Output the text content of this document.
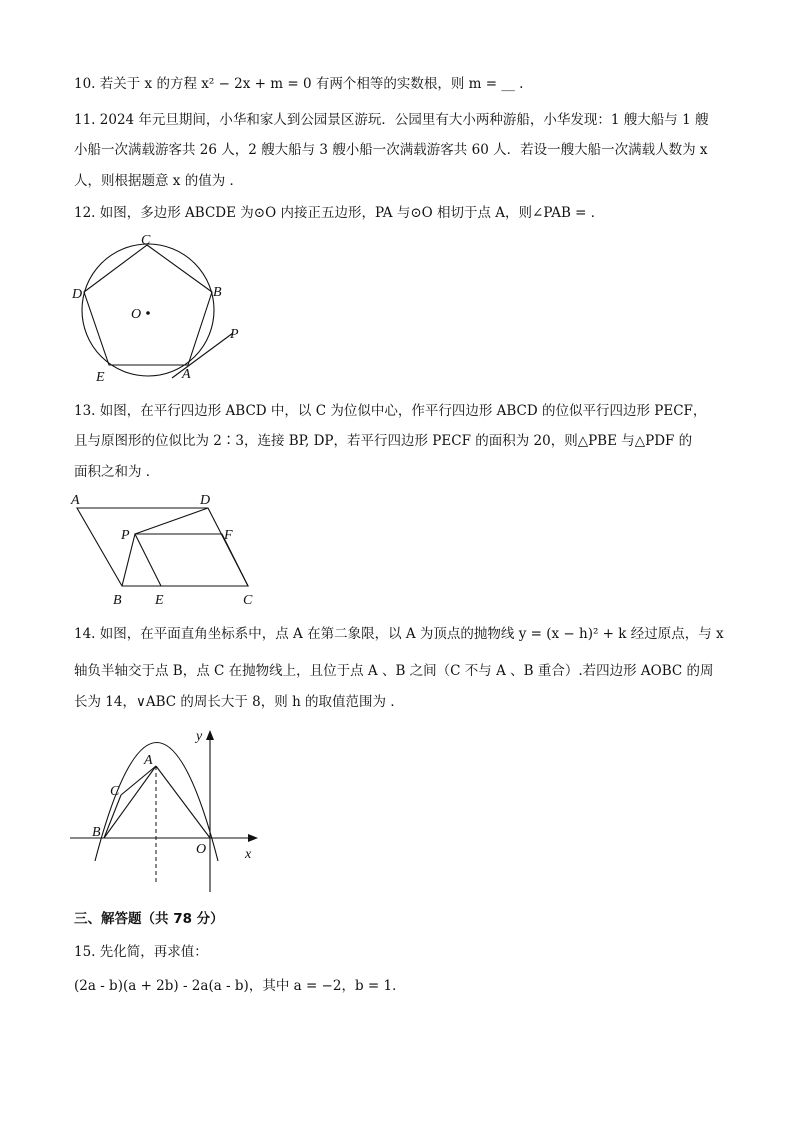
10. 若关于 x 的方程 x² − 2x + m = 0 有两个相等的实数根，则 m = __ .
11. 2024 年元旦期间，小华和家人到公园景区游玩．公园里有大小两种游船，小华发现：1 艘大船与 1 艘
小船一次满载游客共 26 人，2 艘大船与 3 艘小船一次满载游客共 60 人．若设一艘大船一次满载人数为 x
人，则根据题意 x 的值为 ．
12. 如图，多边形 ABCDE 为⊙O 内接正五边形，PA 与⊙O 相切于点 A，则∠PAB = ．
C
B
D
O
P
E	A
13. 如图，在平行四边形 ABCD 中，以 C 为位似中心，作平行四边形 ABCD 的位似平行四边形 PECF，
且与原图形的位似比为 2∶3，连接 BP, DP，若平行四边形 PECF 的面积为 20，则△PBE 与△PDF 的
面积之和为 ．
A	D
P	F
B E	C
14. 如图，在平面直角坐标系中，点 A 在第二象限，以 A 为顶点的抛物线 y = (x − h)² + k 经过原点，与 x
轴负半轴交于点 B，点 C 在抛物线上，且位于点 A 、B 之间（C 不与 A 、B 重合）.若四边形 AOBC 的周
长为 14，∨ABC 的周长大于 8，则 h 的取值范围为 ．
y
A
C
B
O	x
三、解答题（共 78 分）
15. 先化简，再求值：
(2a - b)(a + 2b) - 2a(a - b)，其中 a = −2，b = 1．
